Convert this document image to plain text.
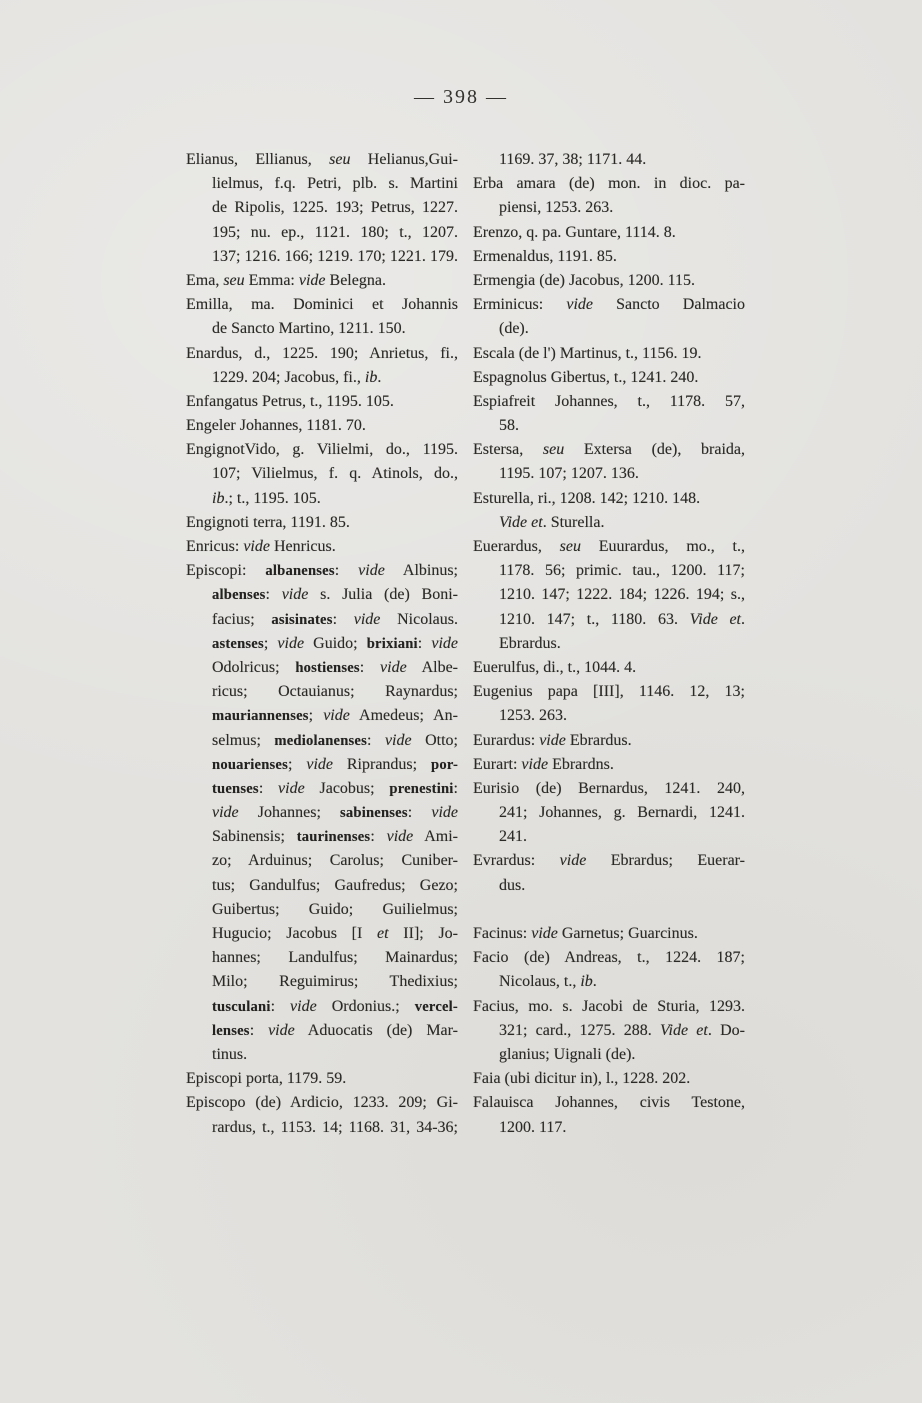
— 398 —
Elianus, Ellianus, seu Helianus,Gui-
lielmus, f.q. Petri, plb. s. Martini
de Ripolis, 1225. 193; Petrus, 1227.
195; nu. ep., 1121. 180; t., 1207.
137; 1216. 166; 1219. 170; 1221. 179.
Ema, seu Emma: vide Belegna.
Emilla, ma. Dominici et Johannis
de Sancto Martino, 1211. 150.
Enardus, d., 1225. 190; Anrietus, fi.,
1229. 204; Jacobus, fi., ib.
Enfangatus Petrus, t., 1195. 105.
Engeler Johannes, 1181. 70.
EngignotVido, g. Vilielmi, do., 1195.
107; Vilielmus, f. q. Atinols, do.,
ib.; t., 1195. 105.
Engignoti terra, 1191. 85.
Enricus: vide Henricus.
Episcopi: albanenses: vide Albinus;
albenses: vide s. Julia (de) Boni-
facius; asisinates: vide Nicolaus.
astenses; vide Guido; brixiani: vide
Odolricus; hostienses: vide Albe-
ricus; Octauianus; Raynardus;
mauriannenses; vide Amedeus; An-
selmus; mediolanenses: vide Otto;
nouarienses; vide Riprandus; por-
tuenses: vide Jacobus; prenestini:
vide Johannes; sabinenses: vide
Sabinensis; taurinenses: vide Ami-
zo; Arduinus; Carolus; Cuniber-
tus; Gandulfus; Gaufredus; Gezo;
Guibertus; Guido; Guilielmus;
Hugucio; Jacobus [I et II]; Jo-
hannes; Landulfus; Mainardus;
Milo; Reguimirus; Thedixius;
tusculani: vide Ordonius.; vercel-
lenses: vide Aduocatis (de) Mar-
tinus.
Episcopi porta, 1179. 59.
Episcopo (de) Ardicio, 1233. 209; Gi-
rardus, t., 1153. 14; 1168. 31, 34-36;
1169. 37, 38; 1171. 44.
Erba amara (de) mon. in dioc. pa-
piensi, 1253. 263.
Erenzo, q. pa. Guntare, 1114. 8.
Ermenaldus, 1191. 85.
Ermengia (de) Jacobus, 1200. 115.
Erminicus: vide Sancto Dalmacio
(de).
Escala (de l') Martinus, t., 1156. 19.
Espagnolus Gibertus, t., 1241. 240.
Espiafreit Johannes, t., 1178. 57,
58.
Estersa, seu Extersa (de), braida,
1195. 107; 1207. 136.
Esturella, ri., 1208. 142; 1210. 148.
Vide et. Sturella.
Euerardus, seu Euurardus, mo., t.,
1178. 56; primic. tau., 1200. 117;
1210. 147; 1222. 184; 1226. 194; s.,
1210. 147; t., 1180. 63. Vide et.
Ebrardus.
Euerulfus, di., t., 1044. 4.
Eugenius papa [III], 1146. 12, 13;
1253. 263.
Eurardus: vide Ebrardus.
Eurart: vide Ebrardns.
Eurisio (de) Bernardus, 1241. 240,
241; Johannes, g. Bernardi, 1241.
241.
Evrardus: vide Ebrardus; Euerar-
dus.
Facinus: vide Garnetus; Guarcinus.
Facio (de) Andreas, t., 1224. 187;
Nicolaus, t., ib.
Facius, mo. s. Jacobi de Sturia, 1293.
321; card., 1275. 288. Vide et. Do-
glanius; Uignali (de).
Faia (ubi dicitur in), l., 1228. 202.
Falauisca Johannes, civis Testone,
1200. 117.
